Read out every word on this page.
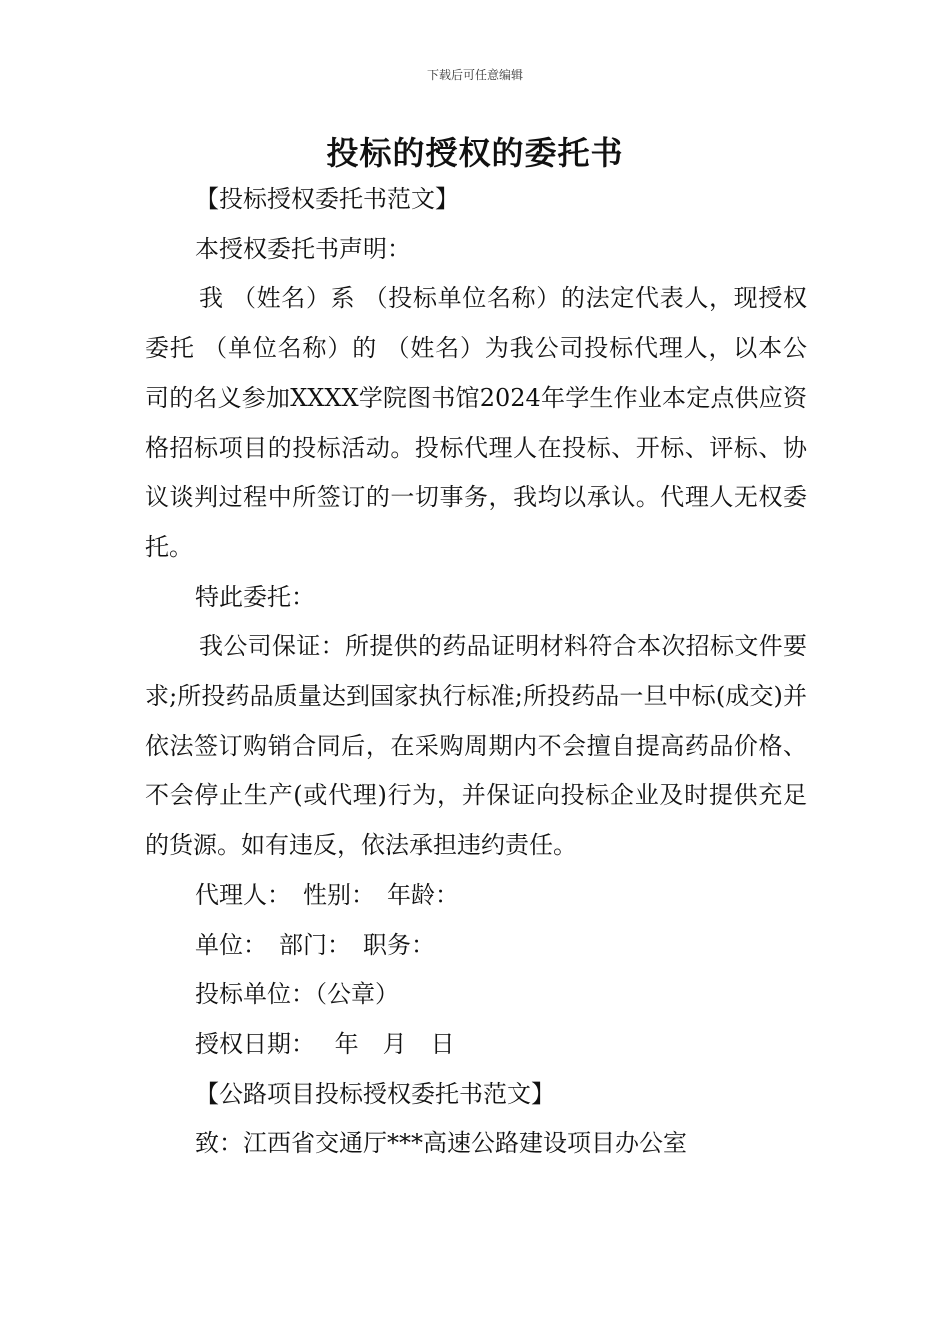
下载后可任意编辑
投标的授权的委托书

【投标授权委托书范文】

本授权委托书声明：

我 （姓名）系 （投标单位名称）的法定代表人，现授权委托 （单位名称）的 （姓名）为我公司投标代理人，以本公司的名义参加XXXX学院图书馆2024年学生作业本定点供应资格招标项目的投标活动。投标代理人在投标、开标、评标、协议谈判过程中所签订的一切事务，我均以承认。代理人无权委托。

特此委托：

我公司保证：所提供的药品证明材料符合本次招标文件要求;所投药品质量达到国家执行标准;所投药品一旦中标(成交)并依法签订购销合同后，在采购周期内不会擅自提高药品价格、不会停止生产(或代理)行为，并保证向投标企业及时提供充足的货源。如有违反，依法承担违约责任。

代理人：　性别：　年龄：

单位：　部门：　职务：

投标单位：（公章）

授权日期：　 年　月　日

【公路项目投标授权委托书范文】

致：江西省交通厅***高速公路建设项目办公室
